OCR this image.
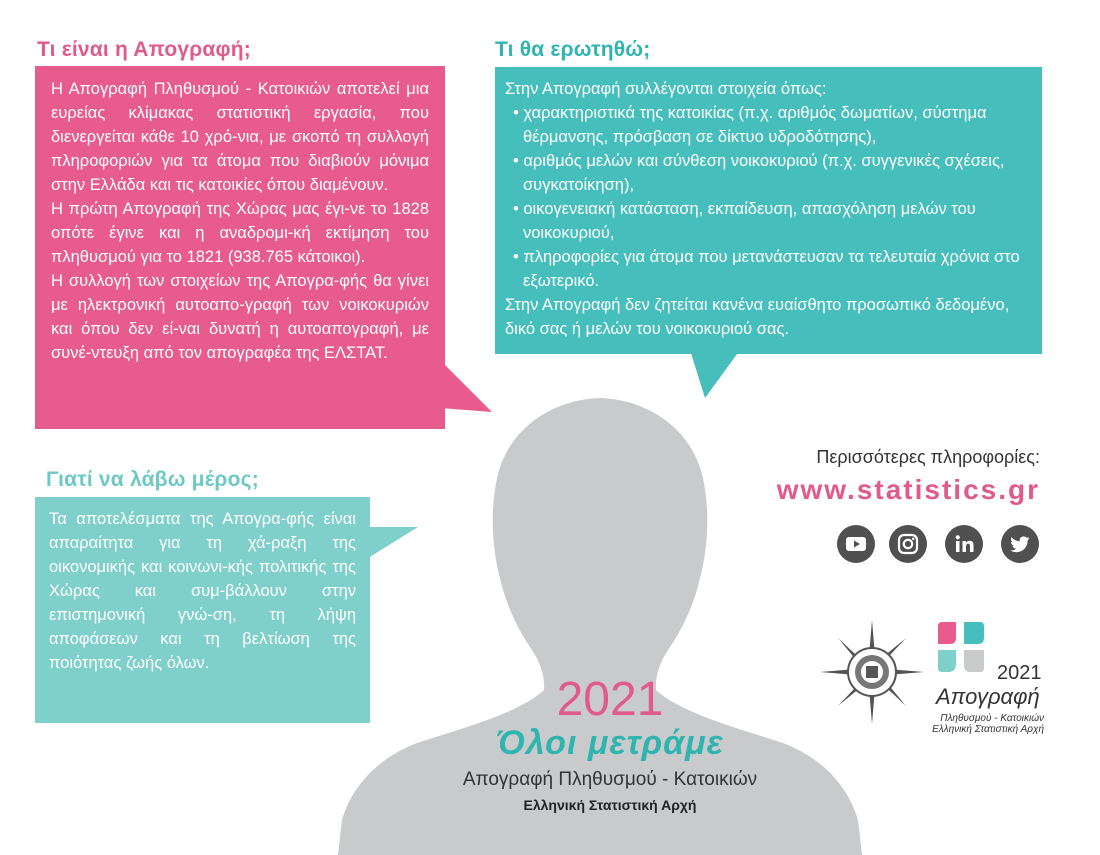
Τι είναι η Απογραφή;
Η Απογραφή Πληθυσμού - Κατοικιών αποτελεί μια ευρείας κλίμακας στατιστική εργασία, που διενεργείται κάθε 10 χρό-νια, με σκοπό τη συλλογή πληροφοριών για τα άτομα που διαβιούν μόνιμα στην Ελλάδα και τις κατοικίες όπου διαμένουν.
Η πρώτη Απογραφή της Χώρας μας έγι-νε το 1828 οπότε έγινε και η αναδρομι-κή εκτίμηση του πληθυσμού για το 1821 (938.765 κάτοικοι).
Η συλλογή των στοιχείων της Απογρα-φής θα γίνει με ηλεκτρονική αυτοαπο-γραφή των νοικοκυριών και όπου δεν εί-ναι δυνατή η αυτοαπογραφή, με συνέ-ντευξη από τον απογραφέα της ΕΛΣΤΑΤ.
Τι θα ερωτηθώ;
Στην Απογραφή συλλέγονται στοιχεία όπως:
• χαρακτηριστικά της κατοικίας (π.χ. αριθμός δωματίων, σύστημα θέρμανσης, πρόσβαση σε δίκτυο υδροδότησης),
• αριθμός μελών και σύνθεση νοικοκυριού (π.χ. συγγενικές σχέσεις, συγκατοίκηση),
• οικογενειακή κατάσταση, εκπαίδευση, απασχόληση μελών του νοικοκυριού,
• πληροφορίες για άτομα που μετανάστευσαν τα τελευταία χρόνια στο εξωτερικό.
Στην Απογραφή δεν ζητείται κανένα ευαίσθητο προσωπικό δεδομένο, δικό σας ή μελών του νοικοκυριού σας.
Γιατί να λάβω μέρος;
Τα αποτελέσματα της Απογρα-φής είναι απαραίτητα για τη χά-ραξη της οικονομικής και κοινωνι-κής πολιτικής της Χώρας και συμ-βάλλουν στην επιστημονική γνώ-ση, τη λήψη αποφάσεων και τη βελτίωση της ποιότητας ζωής όλων.
2021
Όλοι μετράμε
Απογραφή Πληθυσμού - Κατοικιών
Ελληνική Στατιστική Αρχή
Περισσότερες πληροφορίες:
www.statistics.gr
2021
Απογραφή
Πληθυσμού - Κατοικιών
Ελληνική Στατιστική Αρχή
